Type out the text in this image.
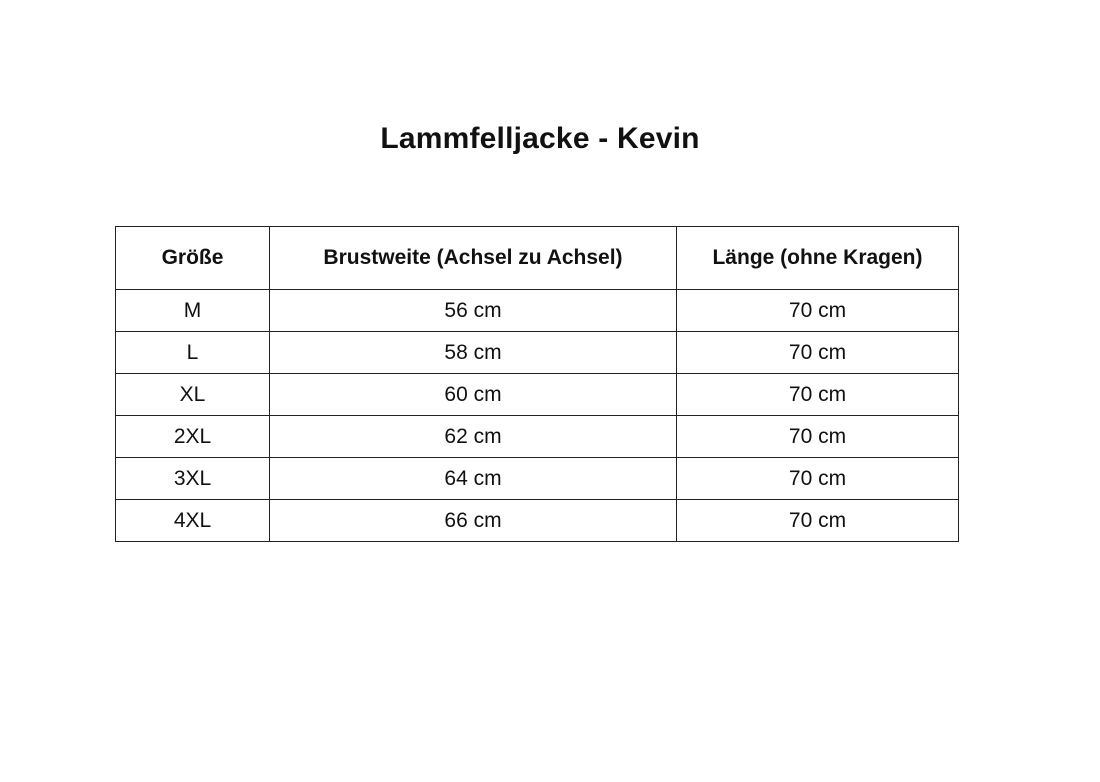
Lammfelljacke - Kevin
Größe	Brustweite (Achsel zu Achsel)	Länge (ohne Kragen)
M	56 cm	70 cm
L	58 cm	70 cm
XL	60 cm	70 cm
2XL	62 cm	70 cm
3XL	64 cm	70 cm
4XL	66 cm	70 cm
